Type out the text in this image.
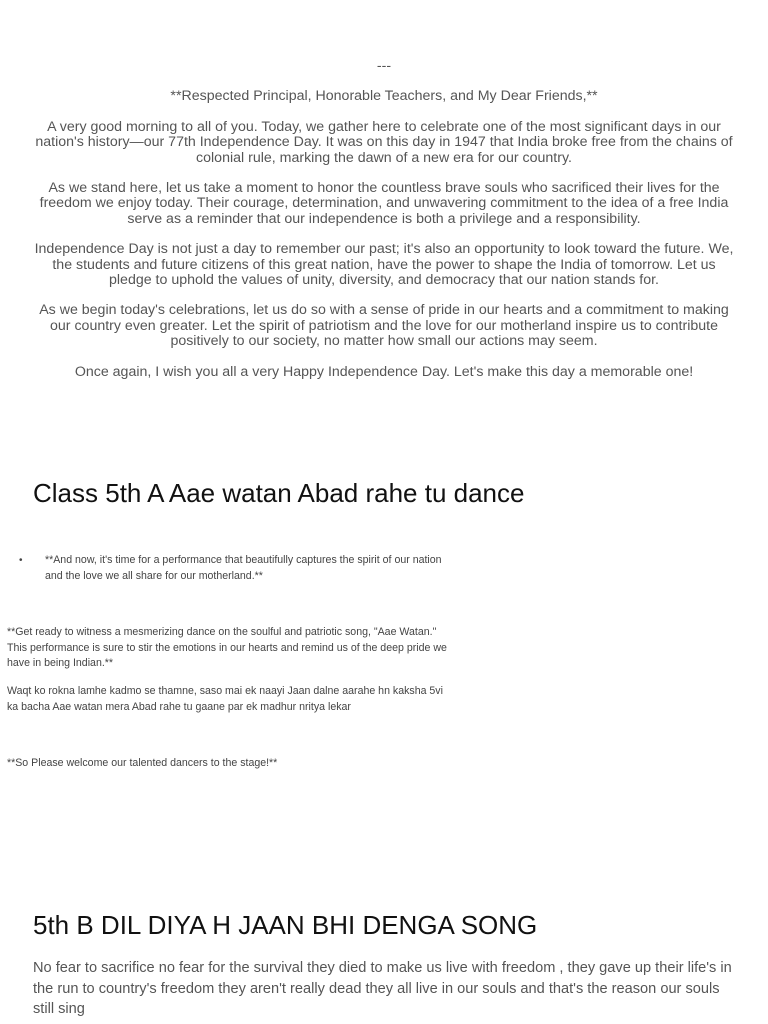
---

**Respected Principal, Honorable Teachers, and My Dear Friends,**

A very good morning to all of you. Today, we gather here to celebrate one of the most significant days in our nation's history—our 77th Independence Day. It was on this day in 1947 that India broke free from the chains of colonial rule, marking the dawn of a new era for our country.

As we stand here, let us take a moment to honor the countless brave souls who sacrificed their lives for the freedom we enjoy today. Their courage, determination, and unwavering commitment to the idea of a free India serve as a reminder that our independence is both a privilege and a responsibility.

Independence Day is not just a day to remember our past; it's also an opportunity to look toward the future. We, the students and future citizens of this great nation, have the power to shape the India of tomorrow. Let us pledge to uphold the values of unity, diversity, and democracy that our nation stands for.

As we begin today's celebrations, let us do so with a sense of pride in our hearts and a commitment to making our country even greater. Let the spirit of patriotism and the love for our motherland inspire us to contribute positively to our society, no matter how small our actions may seem.

Once again, I wish you all a very Happy Independence Day. Let's make this day a memorable one!

Class 5th A Aae watan Abad rahe tu dance
•	**And now, it's time for a performance that beautifully captures the spirit of our nation and the love we all share for our motherland.**
**Get ready to witness a mesmerizing dance on the soulful and patriotic song, "Aae Watan." This performance is sure to stir the emotions in our hearts and remind us of the deep pride we have in being Indian.**
Waqt ko rokna lamhe kadmo se thamne, saso mai ek naayi Jaan dalne aarahe hn kaksha 5vi ka bacha Aae watan mera Abad rahe tu gaane par ek madhur nritya lekar
**So Please welcome our talented dancers to the stage!**
5th B DIL DIYA H JAAN BHI DENGA SONG
No fear to sacrifice no fear for the survival they died to make us live with freedom , they gave up their life's in the run to country's freedom they aren't really dead they all live in our souls and that's the reason our souls still sing
